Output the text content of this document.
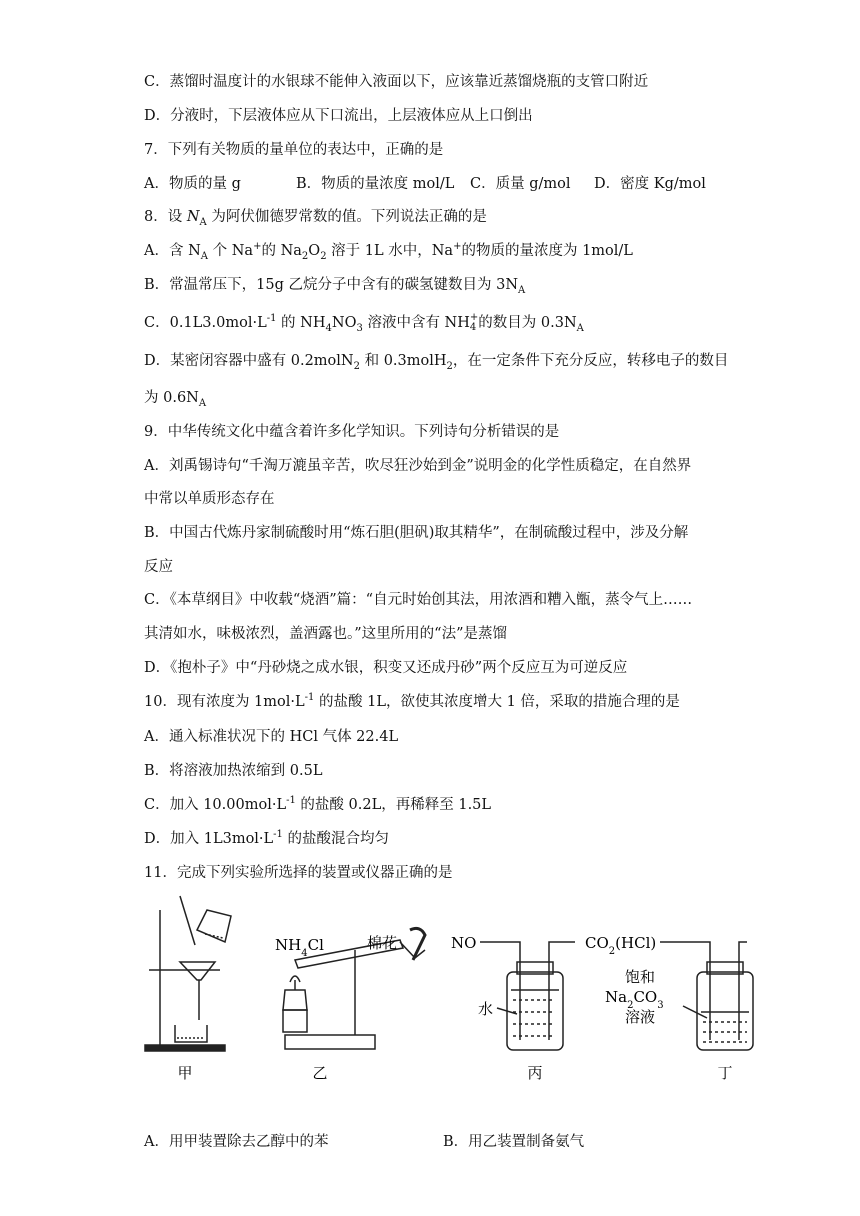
C．蒸馏时温度计的水银球不能伸入液面以下，应该靠近蒸馏烧瓶的支管口附近
D．分液时，下层液体应从下口流出，上层液体应从上口倒出
7．下列有关物质的量单位的表达中，正确的是
A．物质的量 g	B．物质的量浓度 mol/L C．质量 g/mol D．密度 Kg/mol
8．设 $N_A$ 为阿伏伽德罗常数的值。下列说法正确的是
A．含 $N_A$ 个 Na+的 $Na_2O_2$ 溶于 1L 水中，Na+的物质的量浓度为 1mol/L
B．常温常压下，15g 乙烷分子中含有的碳氢键数目为 $3N_A$
C．$0.1L3.0mol\cdot L^{-1}$ 的 $NH_4NO_3$ 溶液中含有 NH +
4 的数目为 $0.3N_A$
D．某密闭容器中盛有 0.2molN$_2$ 和 0.3molH$_2$，在一定条件下充分反应，转移电子的数目
为 $0.6N_A$
9．中华传统文化中蕴含着许多化学知识。下列诗句分析错误的是
A．刘禹锡诗句“千淘万漉虽辛苦，吹尽狂沙始到金”说明金的化学性质稳定，在自然界
中常以单质形态存在
B．中国古代炼丹家制硫酸时用“炼石胆(胆矾)取其精华”，在制硫酸过程中，涉及分解
反应
C．《本草纲目》中收载“烧酒”篇：“自元时始创其法，用浓酒和糟入甑，蒸令气上……
其清如水，味极浓烈，盖酒露也。”这里所用的“法”是蒸馏
D．《抱朴子》中“丹砂烧之成水银，积变又还成丹砂”两个反应互为可逆反应
10．现有浓度为 $1mol\cdot L^{-1}$ 的盐酸 1L，欲使其浓度增大 1 倍，采取的措施合理的是
A．通入标准状况下的 HCl 气体 22.4L
B．将溶液加热浓缩到 0.5L
C．加入 $10.00mol\cdot L^{-1}$ 的盐酸 0.2L，再稀释至 1.5L
D．加入 $1L3mol\cdot L^{-1}$ 的盐酸混合均匀
11．完成下列实验所选择的装置或仪器正确的是
甲
$NH_4Cl$	棉花
乙
NO
水
丙
$CO_2(HCl)$
饱和
$Na_2CO_3$
溶液
丁
A．用甲装置除去乙醇中的苯	B．用乙装置制备氨气
